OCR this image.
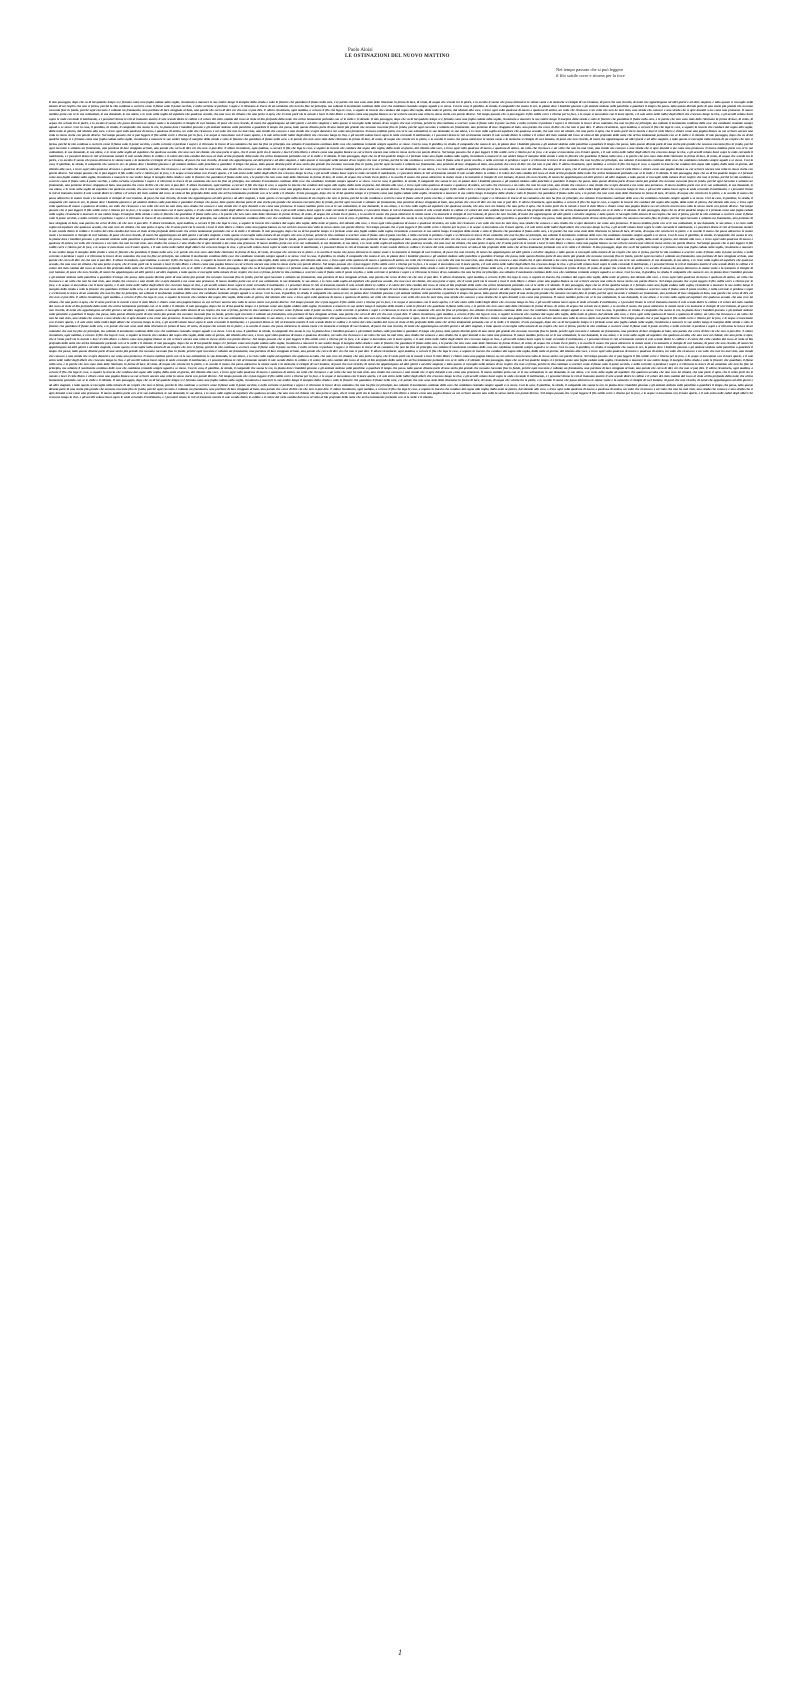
Paolo Aloisi
LE OSTINAZIONI DEL NUOVO MATTINO
Nel tempo passato che si può leggere
il filo sottile corre e ritorna per la foce
Il mio passaggio, dopo che su di lui qualche tempo si è fermato come una foglia caduta sulla soglia, ricomincia a muovere le sue ombre lungo il margine della strada e sotto le finestre che guardano il fiume nella sera, e le parole che non sono state dette ritornano in forma di luce, di vento, di acqua che scivola tra le pietre, e io ascolto il suono che passa attraverso le stanze vuote e la memoria si riempie di voci lontane, di passi che non ricordo, di nomi che appartengono ad altri giorni e ad altre stagioni, e tutto questo si raccoglie nella misura di un respiro che non si ferma, perché la vita continua a scorrere come il fiume sotto il ponte vecchio, e nella corrente si perdono i segni e si ritrovano le tracce di un cammino che non ha fine né principio, ma soltanto il movimento continuo delle cose che cambiano restando sempre uguali a se stesse. Così la casa, il giardino, la strada, il campanile che suona le ore, la piazza dove i bambini giocano e gli anziani siedono sulle panchine a guardare il tempo che passa, tutto questo diventa parte di una storia più grande che nessuno racconta fino in fondo, perché ogni racconto è soltanto un frammento, una porzione di luce strappata al buio, una parola che cerca di dire ciò che non si può dire. E allora ricomincio, ogni mattina, a cercare il filo che lega le cose, a seguire la traccia che conduce dal sogno alla veglia, dalla notte al giorno, dal silenzio alla voce, e trovo ogni volta qualcosa di nuovo e qualcosa di antico, un volto che riconosco e un volto che non ho mai visto, una strada che conosco e una strada che si apre davanti a me come una promessa. Il nuovo mattino porta con sé le sue ostinazioni, le sue domande, le sue attese, e io resto sulla soglia ad aspettare che qualcosa accada, che una voce mi chiami, che una porta si apra, che il vento porti via le nuvole e lasci il cielo libero e chiaro come una pagina bianca su cui scrivere ancora una volta la stessa storia con parole diverse. Nel tempo passato che si può leggere il filo sottile corre e ritorna per la foce, e le acque si mescolano con il mare aperto, e il sale entra nelle radici degli alberi che crescono lungo la riva, e gli uccelli volano bassi sopra le onde cercando il nutrimento, e i pescatori tirano le reti al tramonto mentre il sole scende dietro le colline e il colore del cielo cambia dal rosso al viola al blu profondo della notte che arriva lentamente portando con sé le stelle e il silenzio. Il mio passaggio, dopo che su di lui qualche tempo si è fermato come una foglia caduta sulla soglia, ricomincia a muovere le sue ombre lungo il margine della strada e sotto le finestre che guardano il fiume nella sera, e le parole che non sono state dette ritornano in forma di luce, di vento, di acqua che scivola tra le pietre, e io ascolto il suono che passa attraverso le stanze vuote e la memoria si riempie di voci lontane, di passi che non ricordo, di nomi che appartengono ad altri giorni e ad altre stagioni, e tutto questo si raccoglie nella misura di un respiro che non si ferma, perché la vita continua a scorrere come il fiume sotto il ponte vecchio, e nella corrente si perdono i segni e si ritrovano le tracce di un cammino che non ha fine né principio, ma soltanto il movimento continuo delle cose che cambiano restando sempre uguali a se stesse. Così la casa, il giardino, la strada, il campanile che suona le ore, la piazza dove i bambini giocano e gli anziani siedono sulle panchine a guardare il tempo che passa, tutto questo diventa parte di una storia più grande che nessuno racconta fino in fondo, perché ogni racconto è soltanto un frammento, una porzione di luce strappata al buio, una parola che cerca di dire ciò che non si può dire. E allora ricomincio, ogni mattina, a cercare il filo che lega le cose, a seguire la traccia che conduce dal sogno alla veglia, dalla notte al giorno, dal silenzio alla voce, e trovo ogni volta qualcosa di nuovo e qualcosa di antico, un volto che riconosco e un volto che non ho mai visto, una strada che conosco e una strada che si apre davanti a me come una promessa. Il nuovo mattino porta con sé le sue ostinazioni, le sue domande, le sue attese, e io resto sulla soglia ad aspettare che qualcosa accada, che una voce mi chiami, che una porta si apra, che il vento porti via le nuvole e lasci il cielo libero e chiaro come una pagina bianca su cui scrivere ancora una volta la stessa storia con parole diverse. Nel tempo passato che si può leggere il filo sottile corre e ritorna per la foce, e le acque si mescolano con il mare aperto, e il sale entra nelle radici degli alberi che crescono lungo la riva, e gli uccelli volano bassi sopra le onde cercando il nutrimento, e i pescatori tirano le reti al tramonto mentre il sole scende dietro le colline e il colore del cielo cambia dal rosso al viola al blu profondo della notte che arriva lentamente portando con sé le stelle e il silenzio. Il mio passaggio, dopo che su di lui qualche tempo si è fermato come una foglia caduta sulla soglia, ricomincia a muovere le sue ombre lungo il margine della strada e sotto le finestre che guardano il fiume nella sera, e le parole che non sono state dette ritornano in forma di luce, di vento, di acqua che scivola tra le pietre, e io ascolto il suono che passa attraverso le stanze vuote e la memoria si riempie di voci lontane, di passi che non ricordo, di nomi che appartengono ad altri giorni e ad altre stagioni, e tutto questo si raccoglie nella misura di un respiro che non si ferma, perché la vita continua a scorrere come il fiume sotto il ponte vecchio, e nella corrente si perdono i segni e si ritrovano le tracce di un cammino che non ha fine né principio, ma soltanto il movimento continuo delle cose che cambiano restando sempre uguali a se stesse. Così la casa, il giardino, la strada, il campanile che suona le ore, la piazza dove i bambini giocano e gli anziani siedono sulle panchine a guardare il tempo che passa, tutto questo diventa parte di una storia più grande che nessuno racconta fino in fondo, perché ogni racconto è soltanto un frammento, una porzione di luce strappata al buio, una parola che cerca di dire ciò che non si può dire. E allora ricomincio, ogni mattina, a cercare il filo che lega le cose, a seguire la traccia che conduce dal sogno alla veglia, dalla notte al giorno, dal silenzio alla voce, e trovo ogni volta qualcosa di nuovo e qualcosa di antico, un volto che riconosco e un volto che non ho mai visto, una strada che conosco e una strada che si apre davanti a me come una promessa. Il nuovo mattino porta con sé le sue ostinazioni, le sue domande, le sue attese, e io resto sulla soglia ad aspettare che qualcosa accada, che una voce mi chiami, che una porta si apra, che il vento porti via le nuvole e lasci il cielo libero e chiaro come una pagina bianca su cui scrivere ancora una volta la stessa storia con parole diverse. Nel tempo passato che si può leggere il filo sottile corre e ritorna per la foce, e le acque si mescolano con il mare aperto, e il sale entra nelle radici degli alberi che crescono lungo la riva, e gli uccelli volano bassi sopra le onde cercando il nutrimento, e i pescatori tirano le reti al tramonto mentre il sole scende dietro le colline e il colore del cielo cambia dal rosso al viola al blu profondo della notte che arriva lentamente portando con sé le stelle e il silenzio. Il mio passaggio, dopo che su di lui qualche tempo si è fermato come una foglia caduta sulla soglia, ricomincia a muovere le sue ombre lungo il margine della strada e sotto le finestre che guardano il fiume nella sera, e le parole che non sono state dette ritornano in forma di luce, di vento, di acqua che scivola tra le pietre, e io ascolto il suono che passa attraverso le stanze vuote e la memoria si riempie di voci lontane, di passi che non ricordo, di nomi che appartengono ad altri giorni e ad altre stagioni, e tutto questo si raccoglie nella misura di un respiro che non si ferma, perché la vita continua a scorrere come il fiume sotto il ponte vecchio, e nella corrente si perdono i segni e si ritrovano le tracce di un cammino che non ha fine né principio, ma soltanto il movimento continuo delle cose che cambiano restando sempre uguali a se stesse. Così la casa, il giardino, la strada, il campanile che suona le ore, la piazza dove i bambini giocano e gli anziani siedono sulle panchine a guardare il tempo che passa, tutto questo diventa parte di una storia più grande che nessuno racconta fino in fondo, perché ogni racconto è soltanto un frammento, una porzione di luce strappata al buio, una parola che cerca di dire ciò che non si può dire. E allora ricomincio, ogni mattina, a cercare il filo che lega le cose, a seguire la traccia che conduce dal sogno alla veglia, dalla notte al giorno, dal silenzio alla voce, e trovo ogni volta qualcosa di nuovo e qualcosa di antico, un volto che riconosco e un volto che non ho mai visto, una strada che conosco e una strada che si apre davanti a me come una promessa. Il nuovo mattino porta con sé le sue ostinazioni, le sue domande, le sue attese, e io resto sulla soglia ad aspettare che qualcosa accada, che una voce mi chiami, che una porta si apra, che il vento porti via le nuvole e lasci il cielo libero e chiaro come una pagina bianca su cui scrivere ancora una volta la stessa storia con parole diverse. Nel tempo passato che si può leggere il filo sottile corre e ritorna per la foce, e le acque si mescolano con il mare aperto, e il sale entra nelle radici degli alberi che crescono lungo la riva, e gli uccelli volano bassi sopra le onde cercando il nutrimento, e i pescatori tirano le reti al tramonto mentre il sole scende dietro le colline e il colore del cielo cambia dal rosso al viola al blu profondo della notte che arriva lentamente portando con sé le stelle e il silenzio. Il mio passaggio, dopo che su di lui qualche tempo si è fermato come una foglia caduta sulla soglia, ricomincia a muovere le sue ombre lungo il margine della strada e sotto le finestre che guardano il fiume nella sera, e le parole che non sono state dette ritornano in forma di luce, di vento, di acqua che scivola tra le pietre, e io ascolto il suono che passa attraverso le stanze vuote e la memoria si riempie di voci lontane, di passi che non ricordo, di nomi che appartengono ad altri giorni e ad altre stagioni, e tutto questo si raccoglie nella misura di un respiro che non si ferma, perché la vita continua a scorrere come il fiume sotto il ponte vecchio, e nella corrente si perdono i segni e si ritrovano le tracce di un cammino che non ha fine né principio, ma soltanto il movimento continuo delle cose che cambiano restando sempre uguali a se stesse. Così la casa, il giardino, la strada, il campanile che suona le ore, la piazza dove i bambini giocano e gli anziani siedono sulle panchine a guardare il tempo che passa, tutto questo diventa parte di una storia più grande che nessuno racconta fino in fondo, perché ogni racconto è soltanto un frammento, una porzione di luce strappata al buio, una parola che cerca di dire ciò che non si può dire. E allora ricomincio, ogni mattina, a cercare il filo che lega le cose, a seguire la traccia che conduce dal sogno alla veglia, dalla notte al giorno, dal silenzio alla voce, e trovo ogni volta qualcosa di nuovo e qualcosa di antico, un volto che riconosco e un volto che non ho mai visto, una strada che conosco e una strada che si apre davanti a me come una promessa. Il nuovo mattino porta con sé le sue ostinazioni, le sue domande, le sue attese, e io resto sulla soglia ad aspettare che qualcosa accada, che una voce mi chiami, che una porta si apra, che il vento porti via le nuvole e lasci il cielo libero e chiaro come una pagina bianca su cui scrivere ancora una volta la stessa storia con parole diverse. Nel tempo passato che si può leggere il filo sottile corre e ritorna per la foce, e le acque si mescolano con il mare aperto, e il sale entra nelle radici degli alberi che crescono lungo la riva, e gli uccelli volano bassi sopra le onde cercando il nutrimento, e i pescatori tirano le reti al tramonto mentre il sole scende dietro le colline e il colore del cielo cambia dal rosso al viola al blu profondo della notte che arriva lentamente portando con sé le stelle e il silenzio. Il mio passaggio, dopo che su di lui qualche tempo si è fermato come una foglia caduta sulla soglia, ricomincia a muovere le sue ombre lungo il margine della strada e sotto le finestre che guardano il fiume nella sera, e le parole che non sono state dette ritornano in forma di luce, di vento, di acqua che scivola tra le pietre, e io ascolto il suono che passa attraverso le stanze vuote e la memoria si riempie di voci lontane, di passi che non ricordo, di nomi che appartengono ad altri giorni e ad altre stagioni, e tutto questo si raccoglie nella misura di un respiro che non si ferma, perché la vita continua a scorrere come il fiume sotto il ponte vecchio, e nella corrente si perdono i segni e si ritrovano le tracce di un cammino che non ha fine né principio, ma soltanto il movimento continuo delle cose che cambiano restando sempre uguali a se stesse. Così la casa, il giardino, la strada, il campanile che suona le ore, la piazza dove i bambini giocano e gli anziani siedono sulle panchine a guardare il tempo che passa, tutto questo diventa parte di una storia più grande che nessuno racconta fino in fondo, perché ogni racconto è soltanto un frammento, una porzione di luce strappata al buio, una parola che cerca di dire ciò che non si può dire. E allora ricomincio, ogni mattina, a cercare il filo che lega le cose, a seguire la traccia che conduce dal sogno alla veglia, dalla notte al giorno, dal silenzio alla voce, e trovo ogni volta qualcosa di nuovo e qualcosa di antico, un volto che riconosco e un volto che non ho mai visto, una strada che conosco e una strada che si apre davanti a me come una promessa. Il nuovo mattino porta con sé le sue ostinazioni, le sue domande, le sue attese, e io resto sulla soglia ad aspettare che qualcosa accada, che una voce mi chiami, che una porta si apra, che il vento porti via le nuvole e lasci il cielo libero e chiaro come una pagina bianca su cui scrivere ancora una volta la stessa storia con parole diverse. Nel tempo passato che si può leggere il filo sottile corre e ritorna per la foce, e le acque si mescolano con il mare aperto, e il sale entra nelle radici degli alberi che crescono lungo la riva, e gli uccelli volano bassi sopra le onde cercando il nutrimento, e i pescatori tirano le reti al tramonto mentre il sole scende dietro le colline e il colore del cielo cambia dal rosso al viola al blu profondo della notte che arriva lentamente portando con sé le stelle e il silenzio. Il mio passaggio, dopo che su di lui qualche tempo si è fermato come una foglia caduta sulla soglia, ricomincia a muovere le sue ombre lungo il margine della strada e sotto le finestre che guardano il fiume nella sera, e le parole che non sono state dette ritornano in forma di luce, di vento, di acqua che scivola tra le pietre, e io ascolto il suono che passa attraverso le stanze vuote e la memoria si riempie di voci lontane, di passi che non ricordo, di nomi che appartengono ad altri giorni e ad altre stagioni, e tutto questo si raccoglie nella misura di un respiro che non si ferma, perché la vita continua a scorrere come il fiume sotto il ponte vecchio, e nella corrente si perdono i segni e si ritrovano le tracce di un cammino che non ha fine né principio, ma soltanto il movimento continuo delle cose che cambiano restando sempre uguali a se stesse. Così la casa, il giardino, la strada, il campanile che suona le ore, la piazza dove i bambini giocano e gli anziani siedono sulle panchine a guardare il tempo che passa, tutto questo diventa parte di una storia più grande che nessuno racconta fino in fondo, perché ogni racconto è soltanto un frammento, una porzione di luce strappata al buio, una parola che cerca di dire ciò che non si può dire. E allora ricomincio, ogni mattina, a cercare il filo che lega le cose, a seguire la traccia che conduce dal sogno alla veglia, dalla notte al giorno, dal silenzio alla voce, e trovo ogni volta qualcosa di nuovo e qualcosa di antico, un volto che riconosco e un volto che non ho mai visto, una strada che conosco e una strada che si apre davanti a me come una promessa. Il nuovo mattino porta con sé le sue ostinazioni, le sue domande, le sue attese, e io resto sulla soglia ad aspettare che qualcosa accada, che una voce mi chiami, che una porta si apra, che il vento porti via le nuvole e lasci il cielo libero e chiaro come una pagina bianca su cui scrivere ancora una volta la stessa storia con parole diverse. Nel tempo passato che si può leggere il filo sottile corre e ritorna per la foce, e le acque si mescolano con il mare aperto, e il sale entra nelle radici degli alberi che crescono lungo la riva, e gli uccelli volano bassi sopra le onde cercando il nutrimento, e i pescatori tirano le reti al tramonto mentre il sole scende dietro le colline e il colore del cielo cambia dal rosso al viola al blu profondo della notte che arriva lentamente portando con sé le stelle e il silenzio. Il mio passaggio, dopo che su di lui qualche tempo si è fermato come una foglia caduta sulla soglia, ricomincia a muovere le sue ombre lungo il margine della strada e sotto le finestre che guardano il fiume nella sera, e le parole che non sono state dette ritornano in forma di luce, di vento, di acqua che scivola tra le pietre, e io ascolto il suono che passa attraverso le stanze vuote e la memoria si riempie di voci lontane, di passi che non ricordo, di nomi che appartengono ad altri giorni e ad altre stagioni, e tutto questo si raccoglie nella misura di un respiro che non si ferma, perché la vita continua a scorrere come il fiume sotto il ponte vecchio, e nella corrente si perdono i segni e si ritrovano le tracce di un cammino che non ha fine né principio, ma soltanto il movimento continuo delle cose che cambiano restando sempre uguali a se stesse. Così la casa, il giardino, la strada, il campanile che suona le ore, la piazza dove i bambini giocano e gli anziani siedono sulle panchine a guardare il tempo che passa, tutto questo diventa parte di una storia più grande che nessuno racconta fino in fondo, perché ogni racconto è soltanto un frammento, una porzione di luce strappata al buio, una parola che cerca di dire ciò che non si può dire. E allora ricomincio, ogni mattina, a cercare il filo che lega le cose, a seguire la traccia che conduce dal sogno alla veglia, dalla notte al giorno, dal silenzio alla voce, e trovo ogni volta qualcosa di nuovo e qualcosa di antico, un volto che riconosco e un volto che non ho mai visto, una strada che conosco e una strada che si apre davanti a me come una promessa. Il nuovo mattino porta con sé le sue ostinazioni, le sue domande, le sue attese, e io resto sulla soglia ad aspettare che qualcosa accada, che una voce mi chiami, che una porta si apra, che il vento porti via le nuvole e lasci il cielo libero e chiaro come una pagina bianca su cui scrivere ancora una volta la stessa storia con parole diverse. Nel tempo passato che si può leggere il filo sottile corre e ritorna per la foce, e le acque si mescolano con il mare aperto, e il sale entra nelle radici degli alberi che crescono lungo la riva, e gli uccelli volano bassi sopra le onde cercando il nutrimento, e i pescatori tirano le reti al tramonto mentre il sole scende dietro le colline e il colore del cielo cambia dal rosso al viola al blu profondo della notte che arriva lentamente portando con sé le stelle e il silenzio. Il mio passaggio, dopo che su di lui qualche tempo si è fermato come una foglia caduta sulla soglia, ricomincia a muovere le sue ombre lungo il margine della strada e sotto le finestre che guardano il fiume nella sera, e le parole che non sono state dette ritornano in forma di luce, di vento, di acqua che scivola tra le pietre, e io ascolto il suono che passa attraverso le stanze vuote e la memoria si riempie di voci lontane, di passi che non ricordo, di nomi che appartengono ad altri giorni e ad altre stagioni, e tutto questo si raccoglie nella misura di un respiro che non si ferma, perché la vita continua a scorrere come il fiume sotto il ponte vecchio, e nella corrente si perdono i segni e si ritrovano le tracce di un cammino che non ha fine né principio, ma soltanto il movimento continuo delle cose che cambiano restando sempre uguali a se stesse. Così la casa, il giardino, la strada, il campanile che suona le ore, la piazza dove i bambini giocano e gli anziani siedono sulle panchine a guardare il tempo che passa, tutto questo diventa parte di una storia più grande che nessuno racconta fino in fondo, perché ogni racconto è soltanto un frammento, una porzione di luce strappata al buio, una parola che cerca di dire ciò che non si può dire. E allora ricomincio, ogni mattina, a cercare il filo che lega le cose, a seguire la traccia che conduce dal sogno alla veglia, dalla notte al giorno, dal silenzio alla voce, e trovo ogni volta qualcosa di nuovo e qualcosa di antico, un volto che riconosco e un volto che non ho mai visto, una strada che conosco e una strada che si apre davanti a me come una promessa. Il nuovo mattino porta con sé le sue ostinazioni, le sue domande, le sue attese, e io resto sulla soglia ad aspettare che qualcosa accada, che una voce mi chiami, che una porta si apra, che il vento porti via le nuvole e lasci il cielo libero e chiaro come una pagina bianca su cui scrivere ancora una volta la stessa storia con parole diverse. Nel tempo passato che si può leggere il filo sottile corre e ritorna per la foce, e le acque si mescolano con il mare aperto, e il sale entra nelle radici degli alberi che crescono lungo la riva, e gli uccelli volano bassi sopra le onde cercando il nutrimento, e i pescatori tirano le reti al tramonto mentre il sole scende dietro le colline e il colore del cielo cambia dal rosso al viola al blu profondo della notte che arriva lentamente portando con sé le stelle e il silenzio. Il mio passaggio, dopo che su di lui qualche tempo si è fermato come una foglia caduta sulla soglia, ricomincia a muovere le sue ombre lungo il margine della strada e sotto le finestre che guardano il fiume nella sera, e le parole che non sono state dette ritornano in forma di luce, di vento, di acqua che scivola tra le pietre, e io ascolto il suono che passa attraverso le stanze vuote e la memoria si riempie di voci lontane, di passi che non ricordo, di nomi che appartengono ad altri giorni e ad altre stagioni, e tutto questo si raccoglie nella misura di un respiro che non si ferma, perché la vita continua a scorrere come il fiume sotto il ponte vecchio, e nella corrente si perdono i segni e si ritrovano le tracce di un cammino che non ha fine né principio, ma soltanto il movimento continuo delle cose che cambiano restando sempre uguali a se stesse. Così la casa, il giardino, la strada, il campanile che suona le ore, la piazza dove i bambini giocano e gli anziani siedono sulle panchine a guardare il tempo che passa, tutto questo diventa parte di una storia più grande che nessuno racconta fino in fondo, perché ogni racconto è soltanto un frammento, una porzione di luce strappata al buio, una parola che cerca di dire ciò che non si può dire. E allora ricomincio, ogni mattina, a cercare il filo che lega le cose, a seguire la traccia che conduce dal sogno alla veglia, dalla notte al giorno, dal silenzio alla voce, e trovo ogni volta qualcosa di nuovo e qualcosa di antico, un volto che riconosco e un volto che non ho mai visto, una strada che conosco e una strada che si apre davanti a me come una promessa. Il nuovo mattino porta con sé le sue ostinazioni, le sue domande, le sue attese, e io resto sulla soglia ad aspettare che qualcosa accada, che una voce mi chiami, che una porta si apra, che il vento porti via le nuvole e lasci il cielo libero e chiaro come una pagina bianca su cui scrivere ancora una volta la stessa storia con parole diverse. Nel tempo passato che si può leggere il filo sottile corre e ritorna per la foce, e le acque si mescolano con il mare aperto, e il sale entra nelle radici degli alberi che crescono lungo la riva, e gli uccelli volano bassi sopra le onde cercando il nutrimento, e i pescatori tirano le reti al tramonto mentre il sole scende dietro le colline e il colore del cielo cambia dal rosso al viola al blu profondo della notte che arriva lentamente portando con sé le stelle e il silenzio. Il mio passaggio, dopo che su di lui qualche tempo si è fermato come una foglia caduta sulla soglia, ricomincia a muovere le sue ombre lungo il margine della strada e sotto le finestre che guardano il fiume nella sera, e le parole che non sono state dette ritornano in forma di luce, di vento, di acqua che scivola tra le pietre, e io ascolto il suono che passa attraverso le stanze vuote e la memoria si riempie di voci lontane, di passi che non ricordo, di nomi che appartengono ad altri giorni e ad altre stagioni, e tutto questo si raccoglie nella misura di un respiro che non si ferma, perché la vita continua a scorrere come il fiume sotto il ponte vecchio, e nella corrente si perdono i segni e si ritrovano le tracce di un cammino che non ha fine né principio, ma soltanto il movimento continuo delle cose che cambiano restando sempre uguali a se stesse. Così la casa, il giardino, la strada, il campanile che suona le ore, la piazza dove i bambini giocano e gli anziani siedono sulle panchine a guardare il tempo che passa, tutto questo diventa parte di una storia più grande che nessuno racconta fino in fondo, perché ogni racconto è soltanto un frammento, una porzione di luce strappata al buio, una parola che cerca di dire ciò che non si può dire. E allora ricomincio, ogni mattina, a cercare il filo che lega le cose, a seguire la traccia che conduce dal sogno alla veglia, dalla notte al giorno, dal silenzio alla voce, e trovo ogni volta qualcosa di nuovo e qualcosa di antico, un volto che riconosco e un volto che non ho mai visto, una strada che conosco e una strada che si apre davanti a me come una promessa. Il nuovo mattino porta con sé le sue ostinazioni, le sue domande, le sue attese, e io resto sulla soglia ad aspettare che qualcosa accada, che una voce mi chiami, che una porta si apra, che il vento porti via le nuvole e lasci il cielo libero e chiaro come una pagina bianca su cui scrivere ancora una volta la stessa storia con parole diverse. Nel tempo passato che si può leggere il filo sottile corre e ritorna per la foce, e le acque si mescolano con il mare aperto, e il sale entra nelle radici degli alberi che crescono lungo la riva, e gli uccelli volano bassi sopra le onde cercando il nutrimento, e i pescatori tirano le reti al tramonto mentre il sole scende dietro le colline e il colore del cielo cambia dal rosso al viola al blu profondo della notte che arriva lentamente portando con sé le stelle e il silenzio. Il mio passaggio, dopo che su di lui qualche tempo si è fermato come una foglia caduta sulla soglia, ricomincia a muovere le sue ombre lungo il margine della strada e sotto le finestre che guardano il fiume nella sera, e le parole che non sono state dette ritornano in forma di luce, di vento, di acqua che scivola tra le pietre, e io ascolto il suono che passa attraverso le stanze vuote e la memoria si riempie di voci lontane, di passi che non ricordo, di nomi che appartengono ad altri giorni e ad altre stagioni, e tutto questo si raccoglie nella misura di un respiro che non si ferma, perché la vita continua a scorrere come il fiume sotto il ponte vecchio, e nella corrente si perdono i segni e si ritrovano le tracce di un cammino che non ha fine né principio, ma soltanto il movimento continuo delle cose che cambiano restando sempre uguali a se stesse. Così la casa, il giardino, la strada, il campanile che suona le ore, la piazza dove i bambini giocano e gli anziani siedono sulle panchine a guardare il tempo che passa, tutto questo diventa parte di una storia più grande che nessuno racconta fino in fondo, perché ogni racconto è soltanto un frammento, una porzione di luce strappata al buio, una parola che cerca di dire ciò che non si può dire. E allora ricomincio, ogni mattina, a cercare il filo che lega le cose, a seguire la traccia che conduce dal sogno alla veglia, dalla notte al giorno, dal silenzio alla voce, e trovo ogni volta qualcosa di nuovo e qualcosa di antico, un volto che riconosco e un volto che non ho mai visto, una strada che conosco e una strada che si apre davanti a me come una promessa. Il nuovo mattino porta con sé le sue ostinazioni, le sue domande, le sue attese, e io resto sulla soglia ad aspettare che qualcosa accada, che una voce mi chiami, che una porta si apra, che il vento porti via le nuvole e lasci il cielo libero e chiaro come una pagina bianca su cui scrivere ancora una volta la stessa storia con parole diverse. Nel tempo passato che si può leggere il filo sottile corre e ritorna per la foce, e le acque si mescolano con il mare aperto, e il sale entra nelle radici degli alberi che crescono lungo la riva, e gli uccelli volano bassi sopra le onde cercando il nutrimento, e i pescatori tirano le reti al tramonto mentre il sole scende dietro le colline e il colore del cielo cambia dal rosso al viola al blu profondo della notte che arriva lentamente portando con sé le stelle e il silenzio. Il mio passaggio, dopo che su di lui qualche tempo si è fermato come una foglia caduta sulla soglia, ricomincia a muovere le sue ombre lungo il margine della strada e sotto le finestre che guardano il fiume nella sera, e le parole che non sono state dette ritornano in forma di luce, di vento, di acqua che scivola tra le pietre, e io ascolto il suono che passa attraverso le stanze vuote e la memoria si riempie di voci lontane, di passi che non ricordo, di nomi che appartengono ad altri giorni e ad altre stagioni, e tutto questo si raccoglie nella misura di un respiro che non si ferma, perché la vita continua a scorrere come il fiume sotto il ponte vecchio, e nella corrente si perdono i segni e si ritrovano le tracce di un cammino che non ha fine né principio, ma soltanto il movimento continuo delle cose che cambiano restando sempre uguali a se stesse. Così la casa, il giardino, la strada, il campanile che suona le ore, la piazza dove i bambini giocano e gli anziani siedono sulle panchine a guardare il tempo che passa, tutto questo diventa parte di una storia più grande che nessuno racconta fino in fondo, perché ogni racconto è soltanto un frammento, una porzione di luce strappata al buio, una parola che cerca di dire ciò che non si può dire. E allora ricomincio, ogni mattina, a cercare il filo che lega le cose, a seguire la traccia che conduce dal sogno alla veglia, dalla notte al giorno, dal silenzio alla voce, e trovo ogni volta qualcosa di nuovo e qualcosa di antico, un volto che riconosco e un volto che non ho mai visto, una strada che conosco e una strada che si apre davanti a me come una promessa. Il nuovo mattino porta con sé le sue ostinazioni, le sue domande, le sue attese, e io resto sulla soglia ad aspettare che qualcosa accada, che una voce mi chiami, che una porta si apra, che il vento porti via le nuvole e lasci il cielo libero e chiaro come una pagina bianca su cui scrivere ancora una volta la stessa storia con parole diverse. Nel tempo passato che si può leggere il filo sottile corre e ritorna per la foce, e le acque si mescolano con il mare aperto, e il sale entra nelle radici degli alberi che crescono lungo la riva, e gli uccelli volano bassi sopra le onde cercando il nutrimento, e i pescatori tirano le reti al tramonto mentre il sole scende dietro le colline e il colore del cielo cambia dal rosso al viola al blu profondo della notte che arriva lentamente portando con sé le stelle e il silenzio. Il mio passaggio, dopo che su di lui qualche tempo si è fermato come una foglia caduta sulla soglia, ricomincia a muovere le sue ombre lungo il margine della strada e sotto le finestre che guardano il fiume nella sera, e le parole che non sono state dette ritornano in forma di luce, di vento, di acqua che scivola tra le pietre, e io ascolto il suono che passa attraverso le stanze vuote e la memoria si riempie di voci lontane, di passi che non ricordo, di nomi che appartengono ad altri giorni e ad altre stagioni, e tutto questo si raccoglie nella misura di un respiro che non si ferma, perché la vita continua a scorrere come il fiume sotto il ponte vecchio, e nella corrente si perdono i segni e si ritrovano le tracce di un cammino che non ha fine né principio, ma soltanto il movimento continuo delle cose che cambiano restando sempre uguali a se stesse. Così la casa, il giardino, la strada, il campanile che suona le ore, la piazza dove i bambini giocano e gli anziani siedono sulle panchine a guardare il tempo che passa, tutto questo diventa parte di una storia più grande che nessuno racconta fino in fondo, perché ogni racconto è soltanto un frammento, una porzione di luce strappata al buio, una parola che cerca di dire ciò che non si può dire. E allora ricomincio, ogni mattina, a cercare il filo che lega le cose, a seguire la traccia che conduce dal sogno alla veglia, dalla notte al giorno, dal silenzio alla voce, e trovo ogni volta qualcosa di nuovo e qualcosa di antico, un volto che riconosco e un volto che non ho mai visto, una strada che conosco e una strada che si apre davanti a me come una promessa. Il nuovo mattino porta con sé le sue ostinazioni, le sue domande, le sue attese, e io resto sulla soglia ad aspettare che qualcosa accada, che una voce mi chiami, che una porta si apra, che il vento porti via le nuvole e lasci il cielo libero e chiaro come una pagina bianca su cui scrivere ancora una volta la stessa storia con parole diverse. Nel tempo passato che si può leggere il filo sottile corre e ritorna per la foce, e le acque si mescolano con il mare aperto, e il sale entra nelle radici degli alberi che crescono lungo la riva, e gli uccelli volano bassi sopra le onde cercando il nutrimento, e i pescatori tirano le reti al tramonto mentre il sole scende dietro le colline e il colore del cielo cambia dal rosso al viola al blu profondo della notte che arriva lentamente portando con sé le stelle e il silenzio. Il mio passaggio, dopo che su di lui qualche tempo si è fermato come una foglia caduta sulla soglia, ricomincia a muovere le sue ombre lungo il margine della strada e sotto le finestre che guardano il fiume nella sera, e le parole che non sono state dette ritornano in forma di luce, di vento, di acqua che scivola tra le pietre, e io ascolto il suono che passa attraverso le stanze vuote e la memoria si riempie di voci lontane, di passi che non ricordo, di nomi che appartengono ad altri giorni e ad altre stagioni, e tutto questo si raccoglie nella misura di un respiro che non si ferma, perché la vita continua a scorrere come il fiume sotto il ponte vecchio, e nella corrente si perdono i segni e si ritrovano le tracce di un cammino che non ha fine né principio, ma soltanto il movimento continuo delle cose che cambiano restando sempre uguali a se stesse. Così la casa, il giardino, la strada, il campanile che suona le ore, la piazza dove i bambini giocano e gli anziani siedono sulle panchine a guardare il tempo che passa, tutto questo diventa parte di una storia più grande che nessuno racconta fino in fondo, perché ogni racconto è soltanto un frammento, una porzione di luce strappata al buio, una parola che cerca di dire ciò che non si può dire. E allora ricomincio, ogni mattina, a cercare il filo che lega le cose, a seguire la traccia che conduce dal sogno alla veglia, dalla notte al giorno, dal silenzio alla voce, e trovo ogni volta qualcosa di nuovo e qualcosa di antico, un volto che riconosco e un volto che non ho mai visto, una strada che conosco e una strada che si apre davanti a me come una promessa. Il nuovo mattino porta con sé le sue ostinazioni, le sue domande, le sue attese, e io resto sulla soglia ad aspettare che qualcosa accada, che una voce mi chiami, che una porta si apra, che il vento porti via le nuvole e lasci il cielo libero e chiaro come una pagina bianca su cui scrivere ancora una volta la stessa storia con parole diverse. Nel tempo passato che si può leggere il filo sottile corre e ritorna per la foce, e le acque si mescolano con il mare aperto, e il sale entra nelle radici degli alberi che crescono lungo la riva, e gli uccelli volano bassi sopra le onde cercando il nutrimento, e i pescatori tirano le reti al tramonto mentre il sole scende dietro le colline e il colore del cielo cambia dal rosso al viola al blu profondo della notte che arriva lentamente portando con sé le stelle e il silenzio. Il mio passaggio, dopo che su di lui qualche tempo si è fermato come una foglia caduta sulla soglia, ricomincia a muovere le sue ombre lungo il margine della strada e sotto le finestre che guardano il fiume nella sera, e le parole che non sono state dette ritornano in forma di luce, di vento, di acqua che scivola tra le pietre, e io ascolto il suono che passa attraverso le stanze vuote e la memoria si riempie di voci lontane, di passi che non ricordo, di nomi che appartengono ad altri giorni e ad altre stagioni, e tutto questo si raccoglie nella misura di un respiro che non si ferma, perché la vita continua a scorrere come il fiume sotto il ponte vecchio, e nella corrente si perdono i segni e si ritrovano le tracce di un cammino che non ha fine né principio, ma soltanto il movimento continuo delle cose che cambiano restando sempre uguali a se stesse. Così la casa, il giardino, la strada, il campanile che suona le ore, la piazza dove i bambini giocano e gli anziani siedono sulle panchine a guardare il tempo che passa, tutto questo diventa parte di una storia più grande che nessuno racconta fino in fondo, perché ogni racconto è soltanto un frammento, una porzione di luce strappata al buio, una parola che cerca di dire ciò che non si può dire. E allora ricomincio, ogni mattina, a cercare il filo che lega le cose, a seguire la traccia che conduce dal sogno alla veglia, dalla notte al giorno, dal silenzio alla voce, e trovo ogni volta qualcosa di nuovo e qualcosa di antico, un volto che riconosco e un volto che non ho mai visto, una strada che conosco e una strada che si apre davanti a me come una promessa. Il nuovo mattino porta con sé le sue ostinazioni, le sue domande, le sue attese, e io resto sulla soglia ad aspettare che qualcosa accada, che una voce mi chiami, che una porta si apra, che il vento porti via le nuvole e lasci il cielo libero e chiaro come una pagina bianca su cui scrivere ancora una volta la stessa storia con parole diverse. Nel tempo passato che si può leggere il filo sottile corre e ritorna per la foce, e le acque si mescolano con il mare aperto, e il sale entra nelle radici degli alberi che crescono lungo la riva, e gli uccelli volano bassi sopra le onde cercando il nutrimento, e i pescatori tirano le reti al tramonto mentre il sole scende dietro le colline e il colore del cielo cambia dal rosso al viola al blu profondo della notte che arriva lentamente portando con sé le stelle e il silenzio.
1
